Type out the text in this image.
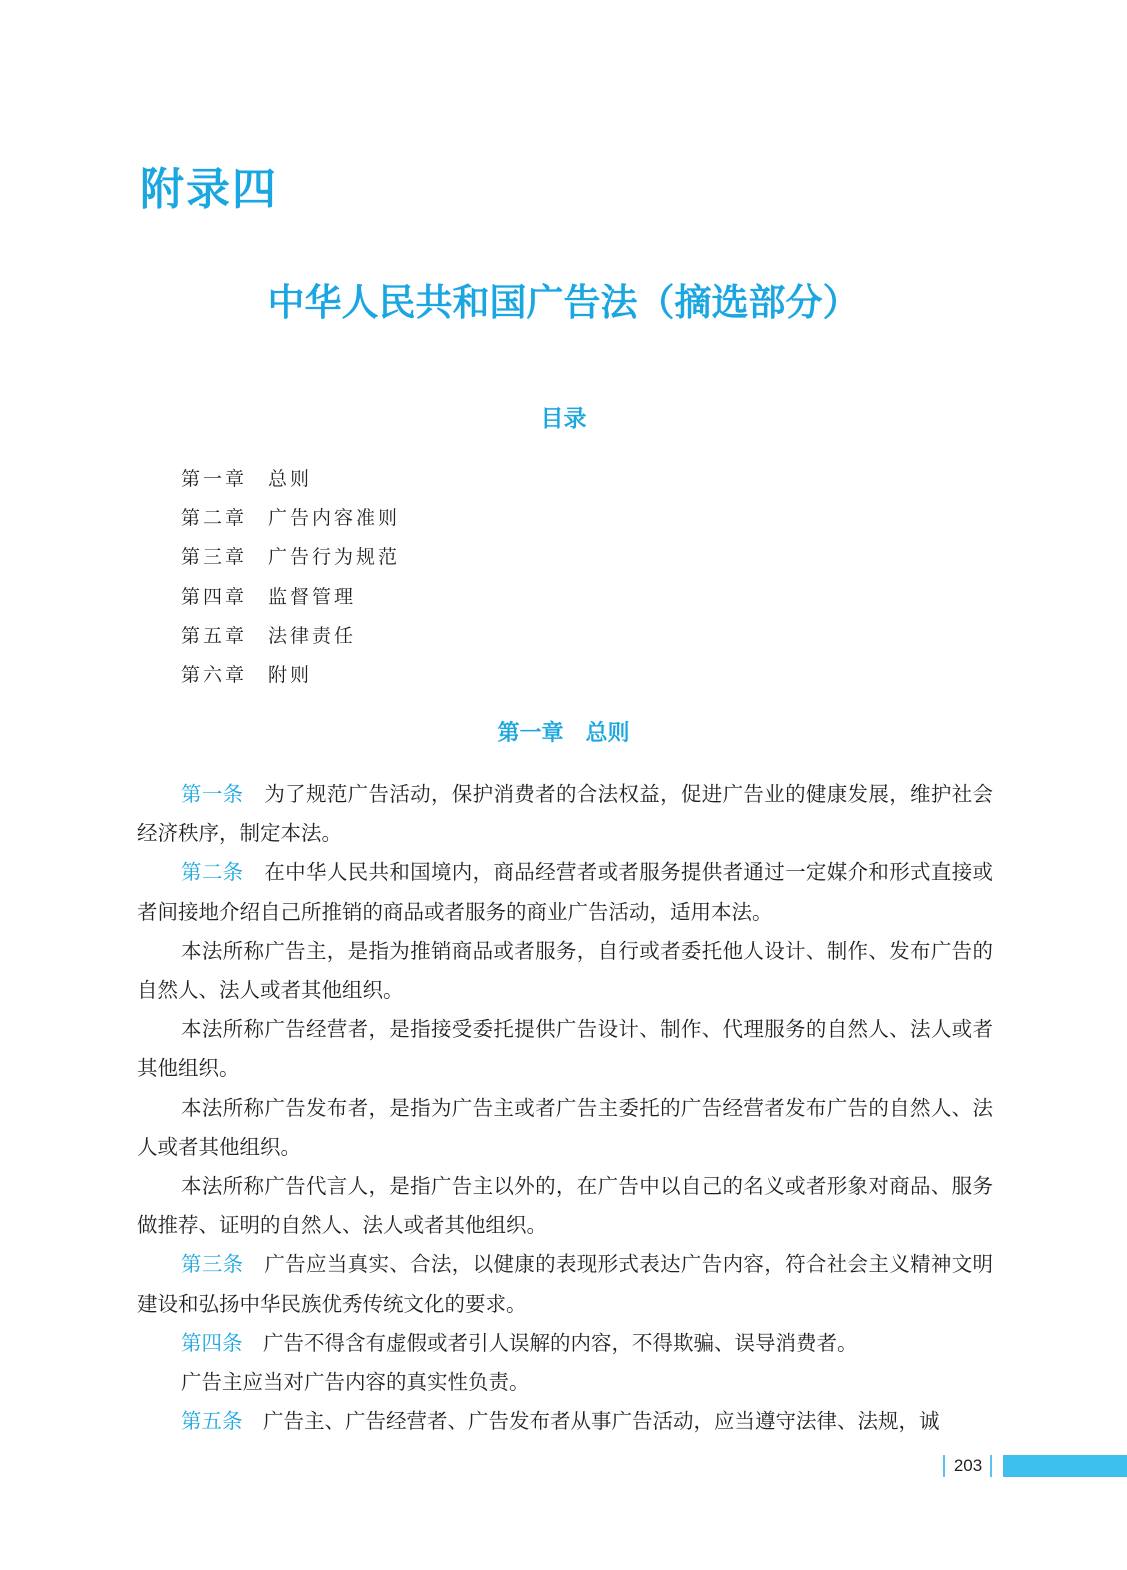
附录四
中华人民共和国广告法（摘选部分）
目录
第一章 总则
第二章 广告内容准则
第三章 广告行为规范
第四章 监督管理
第五章 法律责任
第六章 附则
第一章　总则

第一条　 为了规范广告活动，保护消费者的合法权益，促进广告业的健康发展，维护社会经济秩序，制定本法。

第二条　 在中华人民共和国境内，商品经营者或者服务提供者通过一定媒介和形式直接或者间接地介绍自己所推销的商品或者服务的商业广告活动，适用本法。

本法所称广告主，是指为推销商品或者服务，自行或者委托他人设计、制作、发布广告的自然人、法人或者其他组织。

本法所称广告经营者，是指接受委托提供广告设计、制作、代理服务的自然人、法人或者其他组织。

本法所称广告发布者，是指为广告主或者广告主委托的广告经营者发布广告的自然人、法人或者其他组织。

本法所称广告代言人，是指广告主以外的，在广告中以自己的名义或者形象对商品、服务做推荐、证明的自然人、法人或者其他组织。

第三条　 广告应当真实、合法，以健康的表现形式表达广告内容，符合社会主义精神文明建设和弘扬中华民族优秀传统文化的要求。

第四条　 广告不得含有虚假或者引人误解的内容，不得欺骗、误导消费者。

广告主应当对广告内容的真实性负责。

第五条　 广告主、广告经营者、广告发布者从事广告活动，应当遵守法律、法规，诚

203
